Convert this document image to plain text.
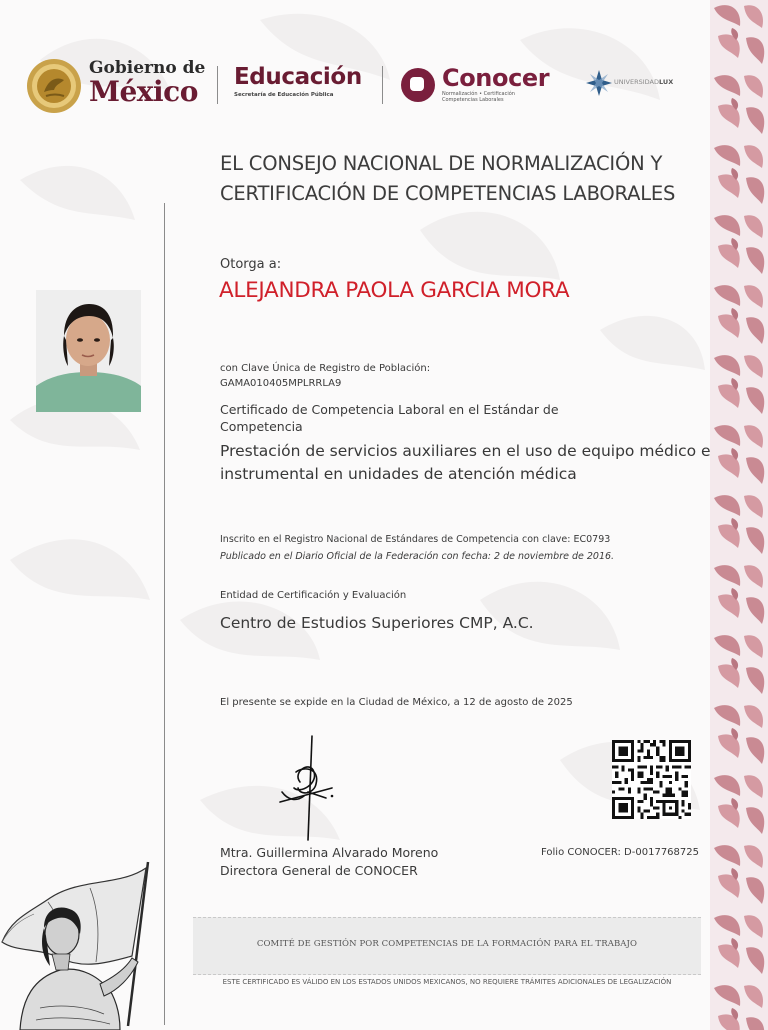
Gobierno de
México	Educación
Secretaría de Educación Pública
Conocer
Normalización • Certificación
Competencias Laborales
UNIVERSIDADLUX
EL CONSEJO NACIONAL DE NORMALIZACIÓN Y
CERTIFICACIÓN DE COMPETENCIAS LABORALES
Otorga a:
ALEJANDRA PAOLA GARCIA MORA
con Clave Única de Registro de Población:
GAMA010405MPLRRLA9
Certificado de Competencia Laboral en el Estándar de
Competencia
Prestación de servicios auxiliares en el uso de equipo médico e
instrumental en unidades de atención médica
Inscrito en el Registro Nacional de Estándares de Competencia con clave: EC0793
Publicado en el Diario Oficial de la Federación con fecha: 2 de noviembre de 2016.
Entidad de Certificación y Evaluación
Centro de Estudios Superiores CMP, A.C.
El presente se expide en la Ciudad de México, a 12 de agosto de 2025
Mtra. Guillermina Alvarado Moreno
Directora General de CONOCER
Folio CONOCER: D-0017768725
COMITÉ DE GESTIÓN POR COMPETENCIAS DE LA FORMACIÓN PARA EL TRABAJO
ESTE CERTIFICADO ES VÁLIDO EN LOS ESTADOS UNIDOS MEXICANOS, NO REQUIERE TRÁMITES ADICIONALES DE LEGALIZACIÓN
